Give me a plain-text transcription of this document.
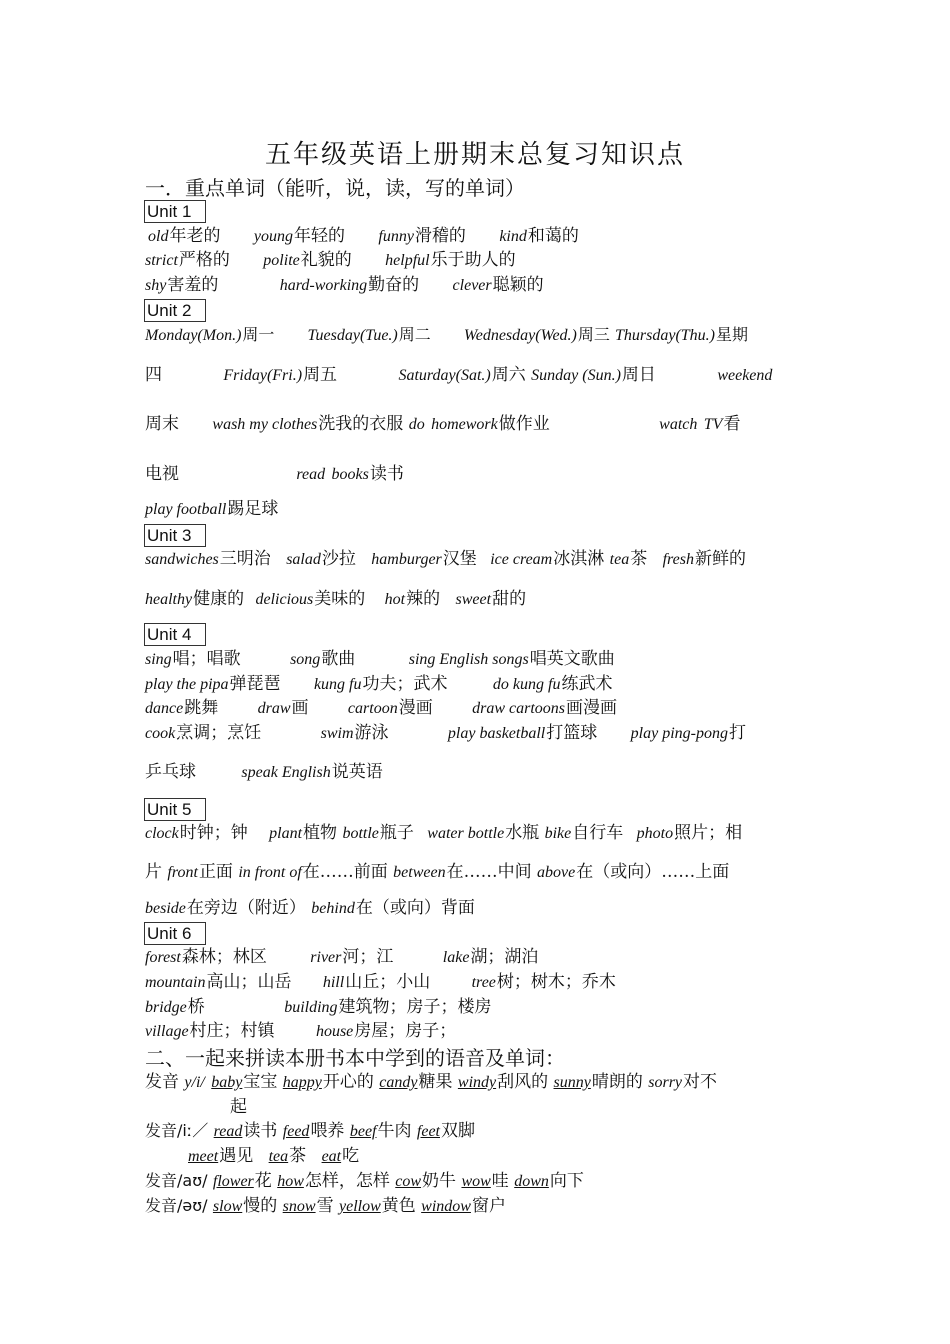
五年级英语上册期末总复习知识点
一．重点单词（能听，说，读，写的单词）
Unit 1
old年老的 young年轻的 funny滑稽的 kind和蔼的
strict严格的 polite礼貌的 helpful乐于助人的
shy害羞的	hard-working勤奋的 clever聪颖的
Unit 2
Monday(Mon.)周一 Tuesday(Tue.)周二 Wednesday(Wed.)周三 Thursday(Thu.)星期
四	Friday(Fri.)周五	Saturday(Sat.)周六 Sunday (Sun.)周日	weekend
周末 wash my clothes洗我的衣服 do homework做作业	watch TV看
电视	read books读书
play football踢足球
Unit 3
sandwiches三明治 salad沙拉 hamburger汉堡 ice cream冰淇淋 tea茶 fresh新鲜的
healthy健康的 delicious美味的 hot辣的 sweet甜的
Unit 4
sing唱；唱歌	song歌曲	sing English songs唱英文歌曲
play the pipa弹琵琶 kung fu功夫；武术	do kung fu练武术
dance跳舞 draw画 cartoon漫画 draw cartoons画漫画
cook烹调；烹饪	swim游泳	play basketball打篮球 play ping-pong打
乒乓球	speak English说英语
Unit 5
clock时钟；钟 plant植物 bottle瓶子 water bottle水瓶 bike自行车 photo照片；相
片 front正面 in front of在……前面 between在……中间 above在（或向）……上面
beside在旁边（附近） behind在（或向）背面
Unit 6
forest森林；林区	river河；江	lake湖；湖泊
mountain高山；山岳 hill山丘；小山	tree树；树木；乔木
bridge桥	building建筑物；房子；楼房
village村庄；村镇	house房屋；房子；
二、一起来拼读本册书本中学到的语音及单词：
发音 y/i/ baby宝宝 happy开心的 candy糖果 windy刮风的 sunny晴朗的 sorry对不
起
发音/iː／ read读书 feed喂养 beef牛肉 feet双脚
meet遇见 tea茶 eat吃
发音/aʊ/ flower花 how怎样，怎样 cow奶牛 wow哇 down向下
发音/əʊ/ slow慢的 snow雪 yellow黄色 window窗户
